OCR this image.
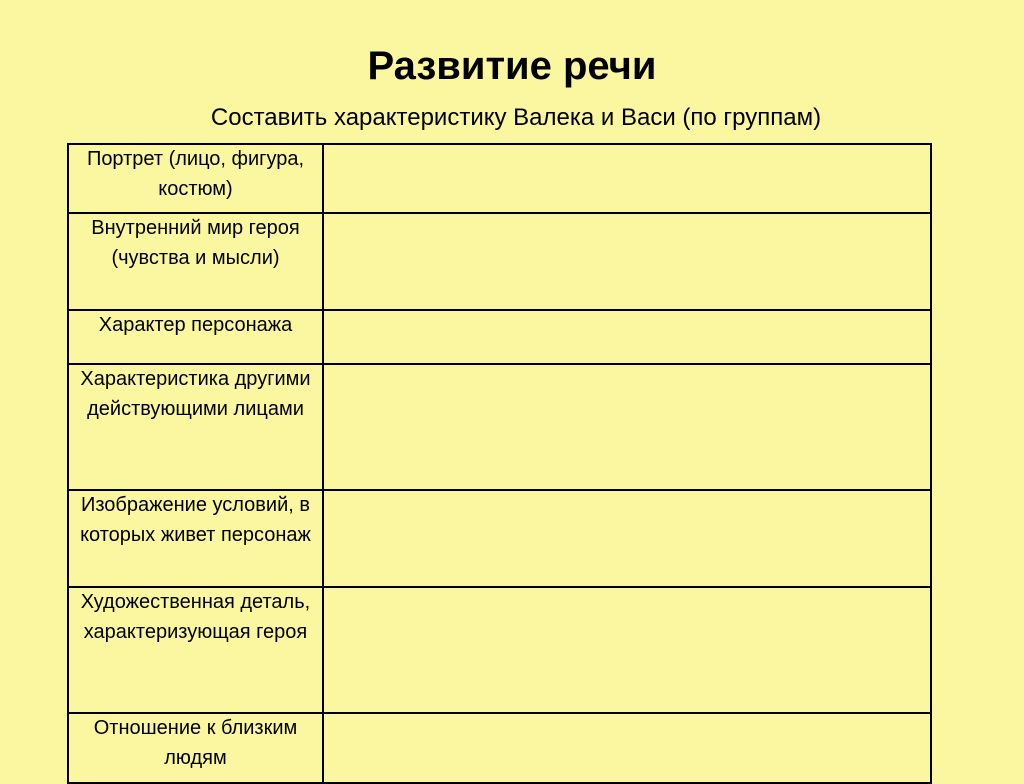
Развитие речи
Составить характеристику Валека и Васи (по группам)
Портрет (лицо, фигура, костюм)	
Внутренний мир героя (чувства и мысли)	
Характер персонажа	
Характеристика другими действующими лицами	
Изображение условий, в которых живет персонаж	
Художественная деталь, характеризующая героя	
Отношение к близким людям	
